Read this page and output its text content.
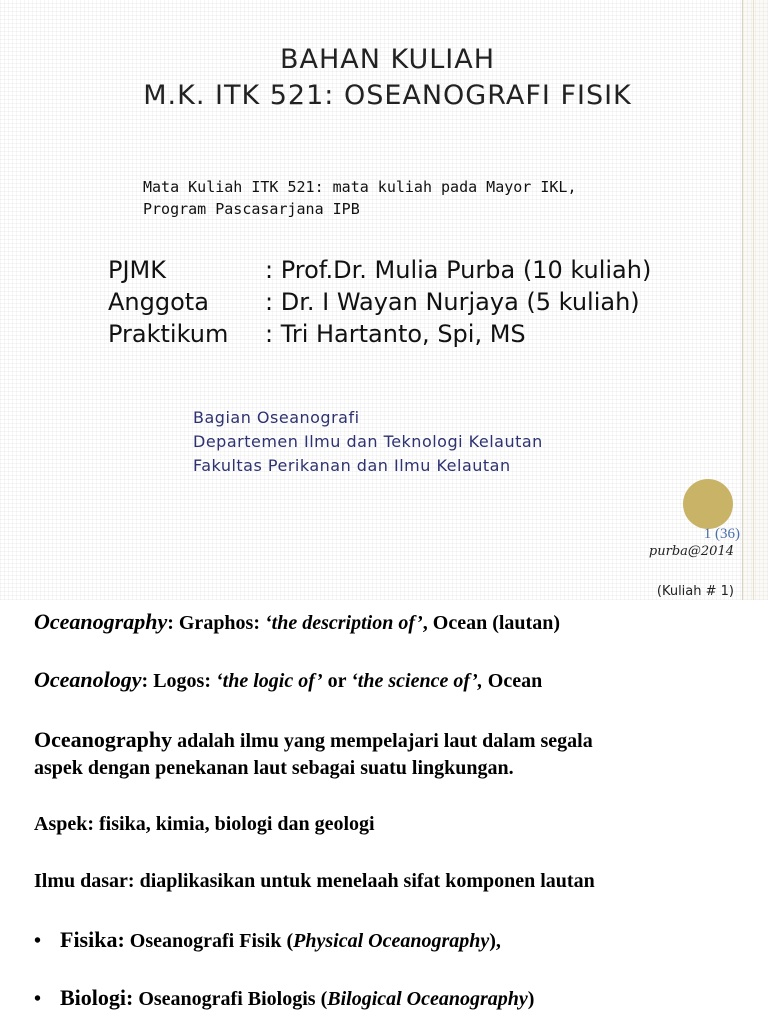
BAHAN KULIAH
M.K. ITK 521: OSEANOGRAFI FISIK
Mata Kuliah ITK 521: mata kuliah pada Mayor IKL,
Program Pascasarjana IPB
PJMK	: Prof.Dr. Mulia Purba (10 kuliah)
Anggota	: Dr. I Wayan Nurjaya (5 kuliah)
Praktikum	: Tri Hartanto, Spi, MS
Bagian Oseanografi
Departemen Ilmu dan Teknologi Kelautan
Fakultas Perikanan dan Ilmu Kelautan
1 (36)
purba@2014
(Kuliah # 1)
Oceanography: Graphos: ‘the description of’, Ocean (lautan)
Oceanology: Logos: ‘the logic of’ or ‘the science of’, Ocean
Oceanography adalah ilmu yang mempelajari laut dalam segala
aspek dengan penekanan laut sebagai suatu lingkungan.
Aspek: fisika, kimia, biologi dan geologi
Ilmu dasar: diaplikasikan untuk menelaah sifat komponen lautan
• Fisika: Oseanografi Fisik (Physical Oceanography),
• Biologi: Oseanografi Biologis (Bilogical Oceanography)
